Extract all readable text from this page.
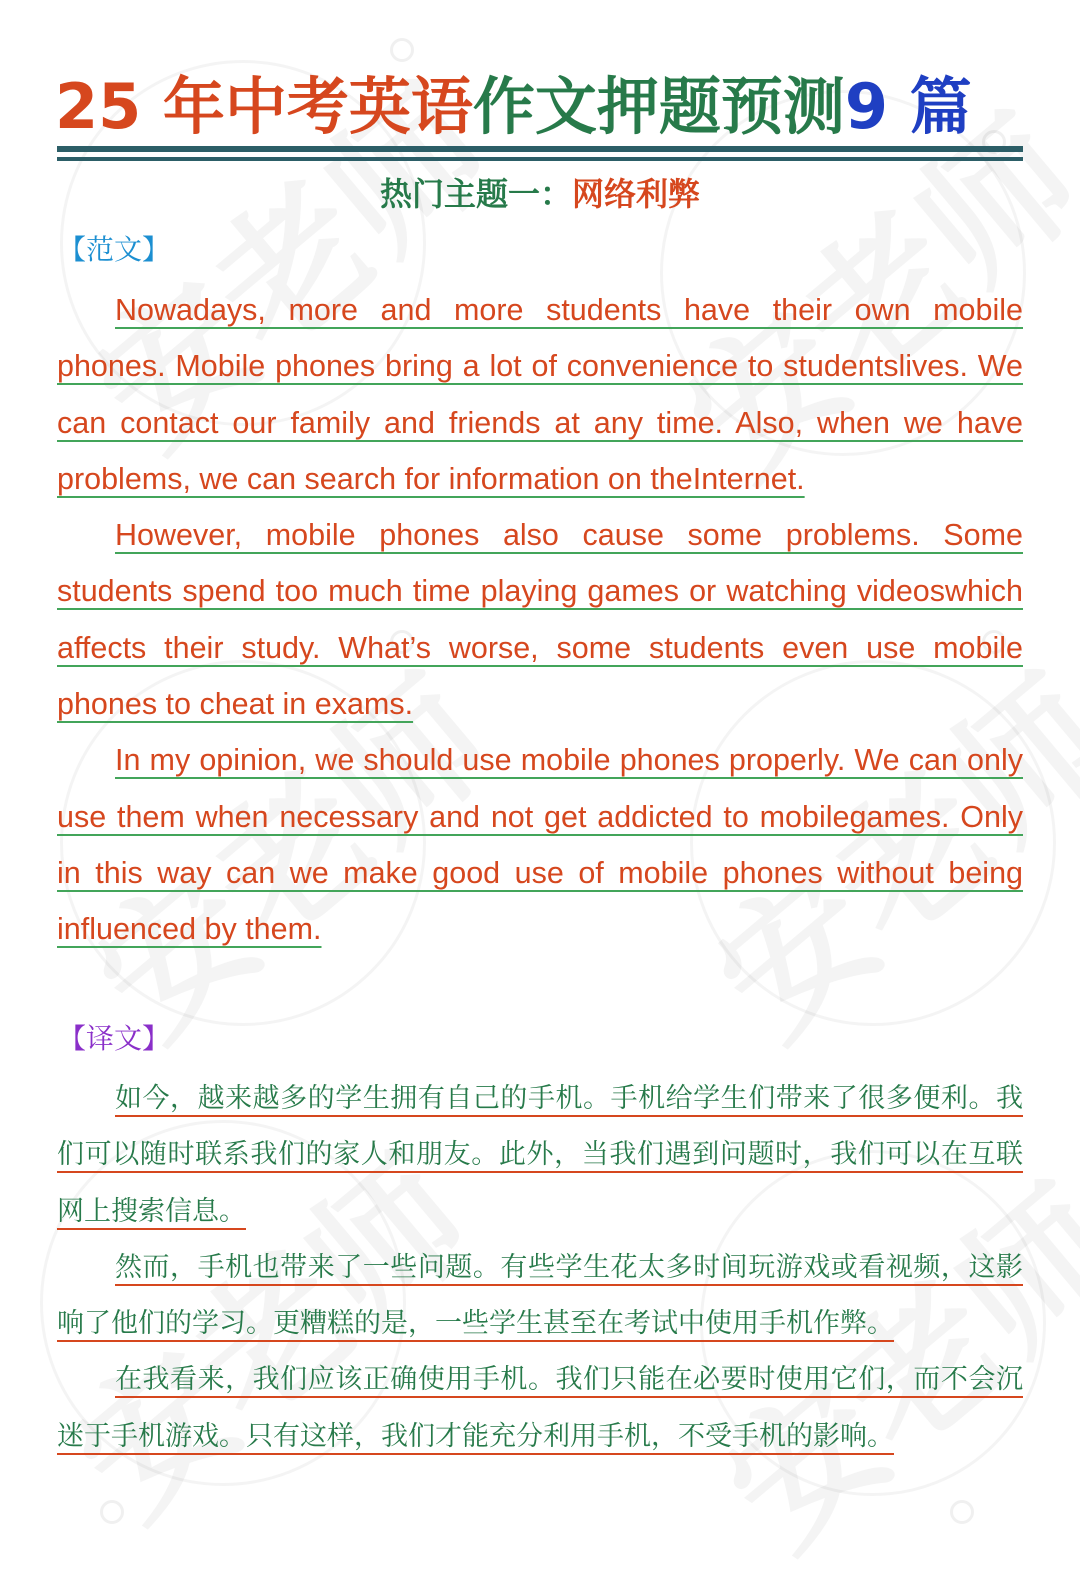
25 年中考英语作文押题预测9 篇
热门主题一：网络利弊
【范文】

Nowadays, more and more students have their own mobile phones. Mobile phones bring a lot of convenience to studentslives. We can contact our family and friends at any time. Also, when we have problems, we can search for information on theInternet.

However, mobile phones also cause some problems. Some students spend too much time playing games or watching videoswhich affects their study. What’s worse, some students even use mobile phones to cheat in exams.

In my opinion, we should use mobile phones properly. We can only use them when necessary and not get addicted to mobilegames. Only in this way can we make good use of mobile phones without being influenced by them.

【译文】

如今，越来越多的学生拥有自己的手机。手机给学生们带来了很多便利。我们可以随时联系我们的家人和朋友。此外，当我们遇到问题时，我们可以在互联网上搜索信息。

然而，手机也带来了一些问题。有些学生花太多时间玩游戏或看视频，这影响了他们的学习。更糟糕的是，一些学生甚至在考试中使用手机作弊。

在我看来，我们应该正确使用手机。我们只能在必要时使用它们，而不会沉迷于手机游戏。只有这样，我们才能充分利用手机，不受手机的影响。
